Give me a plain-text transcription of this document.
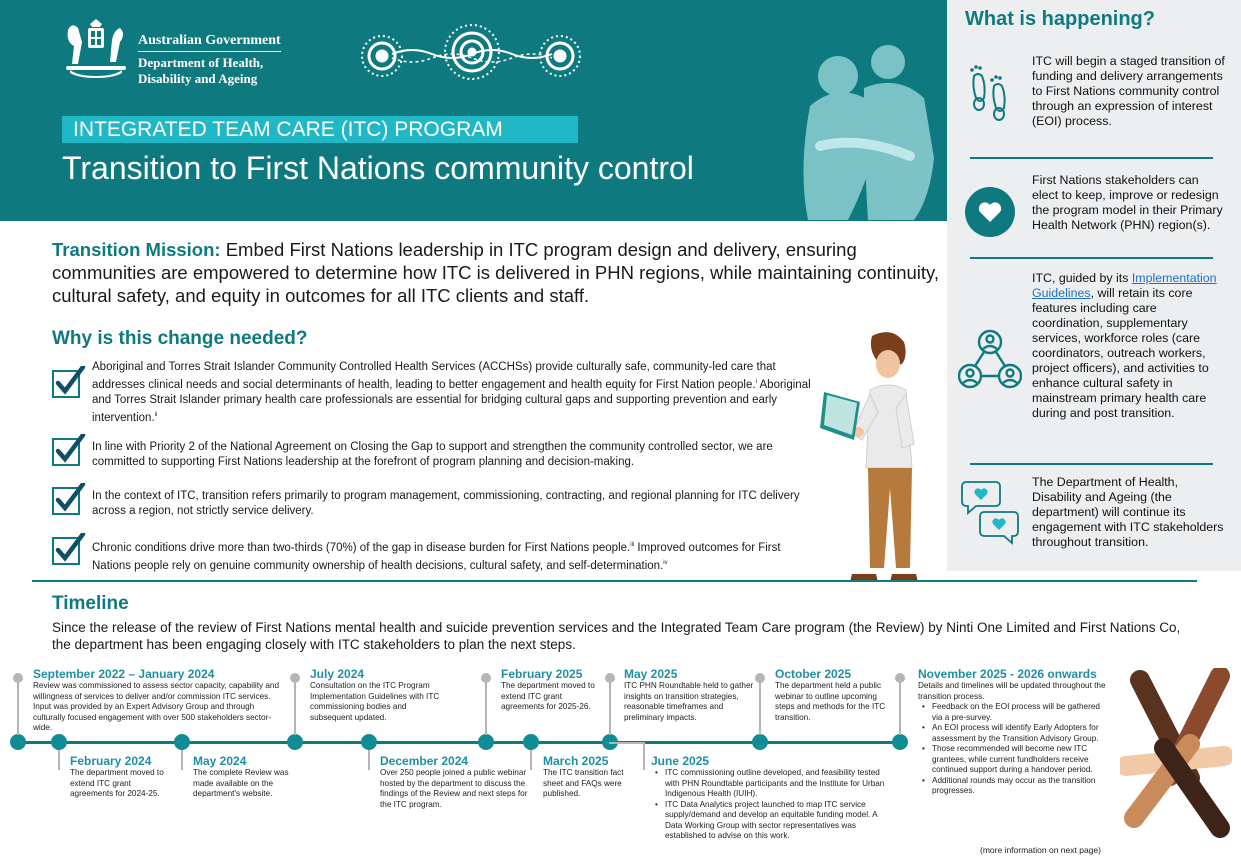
Australian Government
Department of Health,
Disability and Ageing
INTEGRATED TEAM CARE (ITC) PROGRAM
Transition to First Nations community control
What is happening?
ITC will begin a staged transition of funding and delivery arrangements to First Nations community control through an expression of interest (EOI) process.
First Nations stakeholders can elect to keep, improve or redesign the program model in their Primary Health Network (PHN) region(s).
ITC, guided by its Implementation Guidelines, will retain its core features including care coordination, supplementary services, workforce roles (care coordinators, outreach workers, project officers), and activities to enhance cultural safety in mainstream primary health care during and post transition.
The Department of Health, Disability and Ageing (the department) will continue its engagement with ITC stakeholders throughout transition.
Transition Mission: Embed First Nations leadership in ITC program design and delivery, ensuring communities are empowered to determine how ITC is delivered in PHN regions, while maintaining continuity, cultural safety, and equity in outcomes for all ITC clients and staff.
Why is this change needed?
Aboriginal and Torres Strait Islander Community Controlled Health Services (ACCHSs) provide culturally safe, community-led care that addresses clinical needs and social determinants of health, leading to better engagement and health equity for First Nation people.$^i$ Aboriginal and Torres Strait Islander primary health care professionals are essential for bridging cultural gaps and supporting prevention and early intervention.$^{ii}$
In line with Priority 2 of the National Agreement on Closing the Gap to support and strengthen the community controlled sector, we are committed to supporting First Nations leadership at the forefront of program planning and decision-making.
In the context of ITC, transition refers primarily to program management, commissioning, contracting, and regional planning for ITC delivery across a region, not strictly service delivery.
Chronic conditions drive more than two-thirds (70%) of the gap in disease burden for First Nations people.$^{iii}$ Improved outcomes for First Nations people rely on genuine community ownership of health decisions, cultural safety, and self-determination.$^{iv}$
Timeline
Since the release of the review of First Nations mental health and suicide prevention services and the Integrated Team Care program (the Review) by Ninti One Limited and First Nations Co, the department has been engaging closely with ITC stakeholders to plan the next steps.
September 2022 – January 2024
Review was commissioned to assess sector capacity, capability and willingness of services to deliver and/or commission ITC services. Input was provided by an Expert Advisory Group and through culturally focused engagement with over 500 stakeholders sector-wide.
July 2024
Consultation on the ITC Program Implementation Guidelines with ITC commissioning bodies and subsequent updated.
February 2025
The department moved to extend ITC grant agreements for 2025-26.
May 2025
ITC PHN Roundtable held to gather insights on transition strategies, reasonable timeframes and preliminary impacts.
October 2025
The department held a public webinar to outline upcoming steps and methods for the ITC transition.
November 2025 - 2026 onwards
Details and timelines will be updated throughout the transition process.
• Feedback on the EOI process will be gathered via a pre-survey.
• An EOI process will identify Early Adopters for assessment by the Transition Advisory Group.
• Those recommended will become new ITC grantees, while current fundholders receive continued support during a handover period.
• Additional rounds may occur as the transition progresses.
February 2024
The department moved to extend ITC grant agreements for 2024-25.
May 2024
The complete Review was made available on the department's website.
December 2024
Over 250 people joined a public webinar hosted by the department to discuss the findings of the Review and next steps for the ITC program.
March 2025
The ITC transition fact sheet and FAQs were published.
June 2025
• ITC commissioning outline developed, and feasibility tested with PHN Roundtable participants and the Institute for Urban Indigenous Health (IUIH).
• ITC Data Analytics project launched to map ITC service supply/demand and develop an equitable funding model. A Data Working Group with sector representatives was established to advise on this work.
(more information on next page)
